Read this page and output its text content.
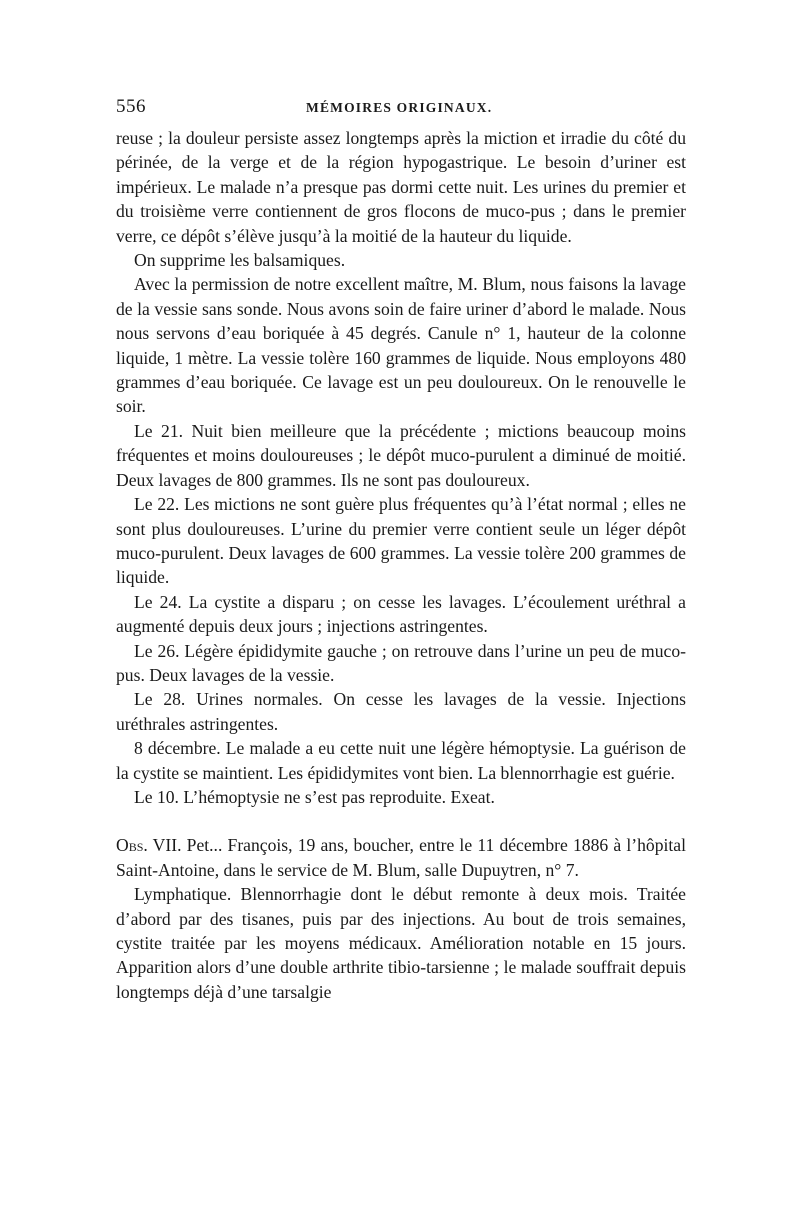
556	MÉMOIRES ORIGINAUX.

reuse ; la douleur persiste assez longtemps après la miction et irradie du côté du périnée, de la verge et de la région hypogastrique. Le besoin d’uriner est impérieux. Le malade n’a presque pas dormi cette nuit. Les urines du premier et du troisième verre contiennent de gros flocons de muco-pus ; dans le premier verre, ce dépôt s’élève jusqu’à la moitié de la hauteur du liquide.

On supprime les balsamiques.

Avec la permission de notre excellent maître, M. Blum, nous faisons la lavage de la vessie sans sonde. Nous avons soin de faire uriner d’abord le malade. Nous nous servons d’eau boriquée à 45 degrés. Canule n° 1, hauteur de la colonne liquide, 1 mètre. La vessie tolère 160 grammes de liquide. Nous employons 480 grammes d’eau boriquée. Ce lavage est un peu douloureux. On le renouvelle le soir.

Le 21. Nuit bien meilleure que la précédente ; mictions beaucoup moins fréquentes et moins douloureuses ; le dépôt muco-purulent a diminué de moitié. Deux lavages de 800 grammes. Ils ne sont pas douloureux.

Le 22. Les mictions ne sont guère plus fréquentes qu’à l’état normal ; elles ne sont plus douloureuses. L’urine du premier verre contient seule un léger dépôt muco-purulent. Deux lavages de 600 grammes. La vessie tolère 200 grammes de liquide.

Le 24. La cystite a disparu ; on cesse les lavages. L’écoulement uréthral a augmenté depuis deux jours ; injections astringentes.

Le 26. Légère épididymite gauche ; on retrouve dans l’urine un peu de muco-pus. Deux lavages de la vessie.

Le 28. Urines normales. On cesse les lavages de la vessie. Injections uréthrales astringentes.

8 décembre. Le malade a eu cette nuit une légère hémoptysie. La guérison de la cystite se maintient. Les épididymites vont bien. La blennorrhagie est guérie.

Le 10. L’hémoptysie ne s’est pas reproduite. Exeat.

Obs. VII. Pet... François, 19 ans, boucher, entre le 11 décembre 1886 à l’hôpital Saint-Antoine, dans le service de M. Blum, salle Dupuytren, n° 7.

Lymphatique. Blennorrhagie dont le début remonte à deux mois. Traitée d’abord par des tisanes, puis par des injections. Au bout de trois semaines, cystite traitée par les moyens médicaux. Amélioration notable en 15 jours. Apparition alors d’une double arthrite tibio-tarsienne ; le malade souffrait depuis longtemps déjà d’une tarsalgie
